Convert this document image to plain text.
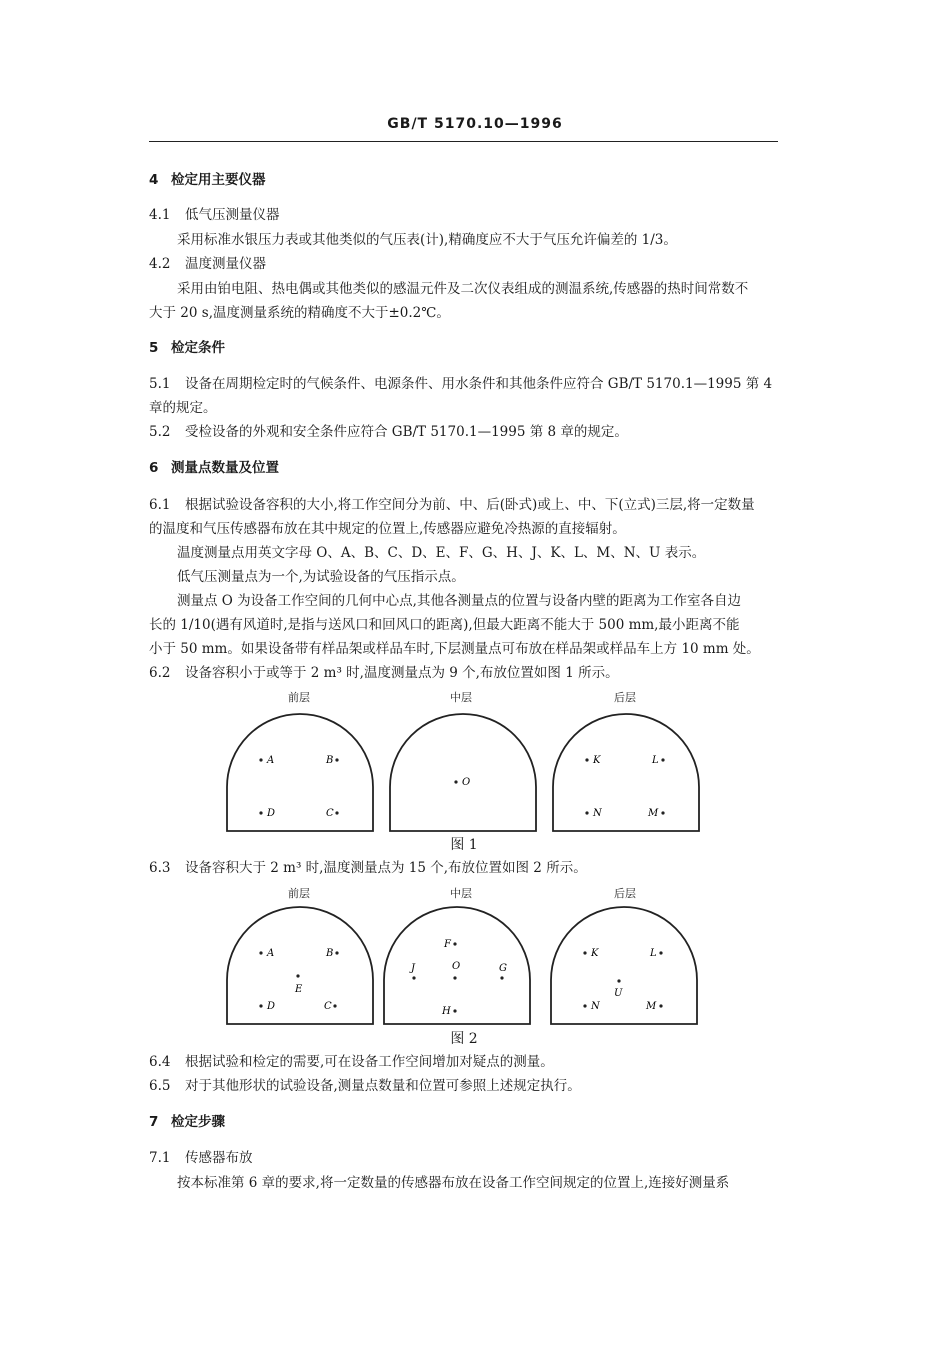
GB/T 5170.10—1996
4 检定用主要仪器
4.1 低气压测量仪器
采用标准水银压力表或其他类似的气压表(计),精确度应不大于气压允许偏差的 1/3。
4.2 温度测量仪器
采用由铂电阻、热电偶或其他类似的感温元件及二次仪表组成的测温系统,传感器的热时间常数不
大于 20 s,温度测量系统的精确度不大于±0.2℃。
5 检定条件
5.1 设备在周期检定时的气候条件、电源条件、用水条件和其他条件应符合 GB/T 5170.1—1995 第 4
章的规定。
5.2 受检设备的外观和安全条件应符合 GB/T 5170.1—1995 第 8 章的规定。
6 测量点数量及位置
6.1 根据试验设备容积的大小,将工作空间分为前、中、后(卧式)或上、中、下(立式)三层,将一定数量
的温度和气压传感器布放在其中规定的位置上,传感器应避免冷热源的直接辐射。
温度测量点用英文字母 O、A、B、C、D、E、F、G、H、J、K、L、M、N、U 表示。
低气压测量点为一个,为试验设备的气压指示点。
测量点 O 为设备工作空间的几何中心点,其他各测量点的位置与设备内壁的距离为工作室各自边
长的 1/10(遇有风道时,是指与送风口和回风口的距离),但最大距离不能大于 500 mm,最小距离不能
小于 50 mm。如果设备带有样品架或样品车时,下层测量点可布放在样品架或样品车上方 10 mm 处。
6.2 设备容积小于或等于 2 m³ 时,温度测量点为 9 个,布放位置如图 1 所示。
前层	中层	后层
A	B
D	C
O
K	L
N	M
图 1
6.3 设备容积大于 2 m³ 时,温度测量点为 15 个,布放位置如图 2 所示。
前层	中层	后层
A	B
E
D	C
F
J	O	G
H
K	L
U
N	M
图 2
6.4 根据试验和检定的需要,可在设备工作空间增加对疑点的测量。
6.5 对于其他形状的试验设备,测量点数量和位置可参照上述规定执行。
7 检定步骤
7.1 传感器布放
按本标准第 6 章的要求,将一定数量的传感器布放在设备工作空间规定的位置上,连接好测量系
